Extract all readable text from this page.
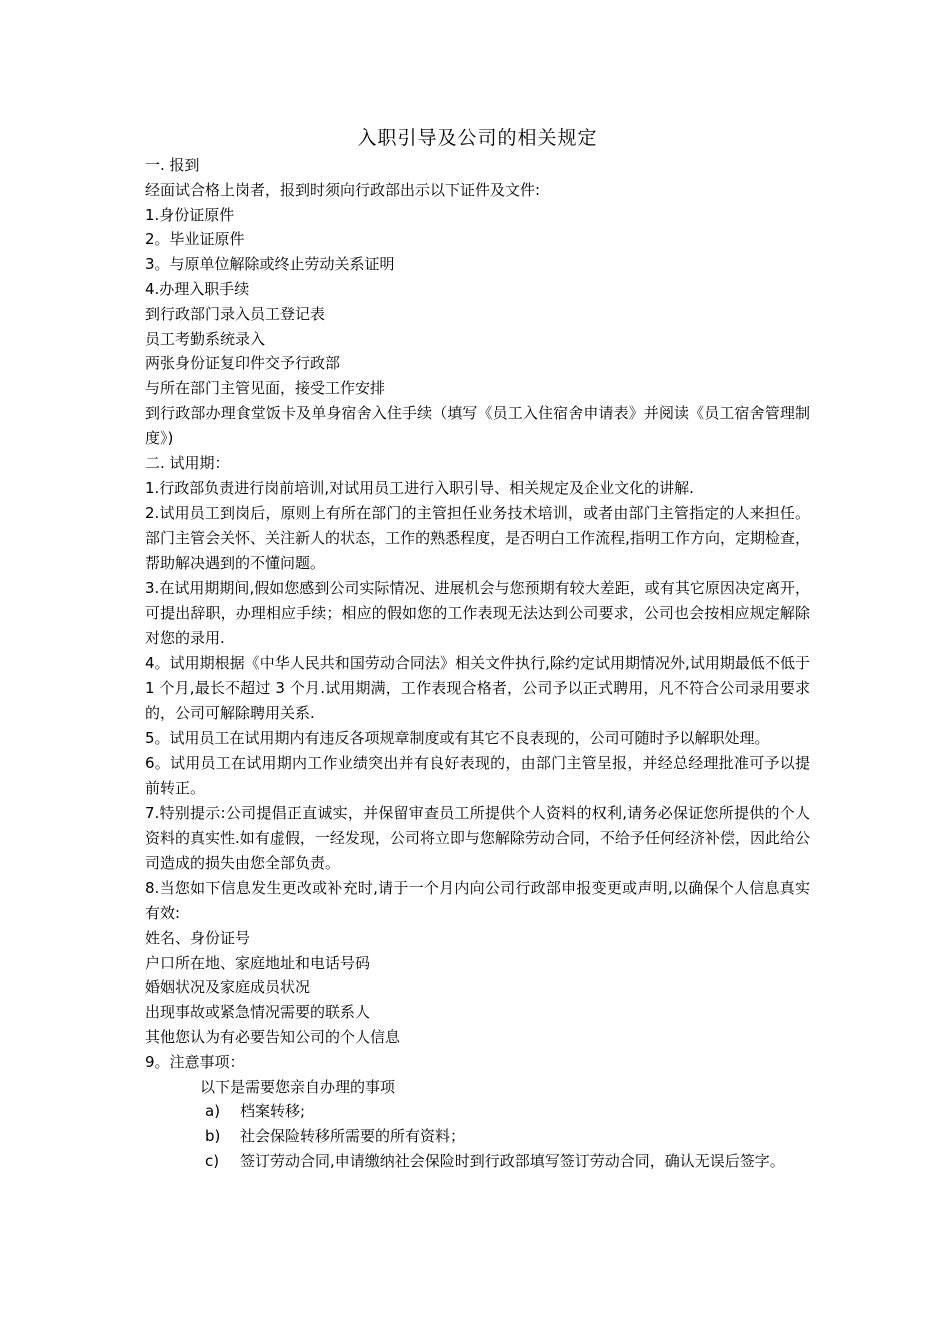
入职引导及公司的相关规定

一. 报到

经面试合格上岗者，报到时须向行政部出示以下证件及文件:

1.身份证原件

2。毕业证原件

3。与原单位解除或终止劳动关系证明

4.办理入职手续

到行政部门录入员工登记表

员工考勤系统录入

两张身份证复印件交予行政部

与所在部门主管见面，接受工作安排

到行政部办理食堂饭卡及单身宿舍入住手续（填写《员工入住宿舍申请表》并阅读《员工宿舍管理制度》)

二. 试用期：

1.行政部负责进行岗前培训,对试用员工进行入职引导、相关规定及企业文化的讲解.

2.试用员工到岗后，原则上有所在部门的主管担任业务技术培训，或者由部门主管指定的人来担任。部门主管会关怀、关注新人的状态，工作的熟悉程度，是否明白工作流程,指明工作方向，定期检查，帮助解决遇到的不懂问题。

3.在试用期期间,假如您感到公司实际情况、进展机会与您预期有较大差距，或有其它原因决定离开，可提出辞职，办理相应手续；相应的假如您的工作表现无法达到公司要求，公司也会按相应规定解除对您的录用.

4。试用期根据《中华人民共和国劳动合同法》相关文件执行,除约定试用期情况外,试用期最低不低于 1 个月,最长不超过 3 个月.试用期满，工作表现合格者，公司予以正式聘用，凡不符合公司录用要求的，公司可解除聘用关系.

5。试用员工在试用期内有违反各项规章制度或有其它不良表现的，公司可随时予以解职处理。

6。试用员工在试用期内工作业绩突出并有良好表现的，由部门主管呈报，并经总经理批准可予以提前转正。

7.特别提示:公司提倡正直诚实，并保留审查员工所提供个人资料的权利,请务必保证您所提供的个人资料的真实性.如有虚假，一经发现，公司将立即与您解除劳动合同，不给予任何经济补偿，因此给公司造成的损失由您全部负责。

8.当您如下信息发生更改或补充时,请于一个月内向公司行政部申报变更或声明,以确保个人信息真实有效:

姓名、身份证号

户口所在地、家庭地址和电话号码

婚姻状况及家庭成员状况

出现事故或紧急情况需要的联系人

其他您认为有必要告知公司的个人信息

9。注意事项：

以下是需要您亲自办理的事项

a) 档案转移;
b) 社会保险转移所需要的所有资料；
c) 签订劳动合同,申请缴纳社会保险时到行政部填写签订劳动合同，确认无误后签字。
